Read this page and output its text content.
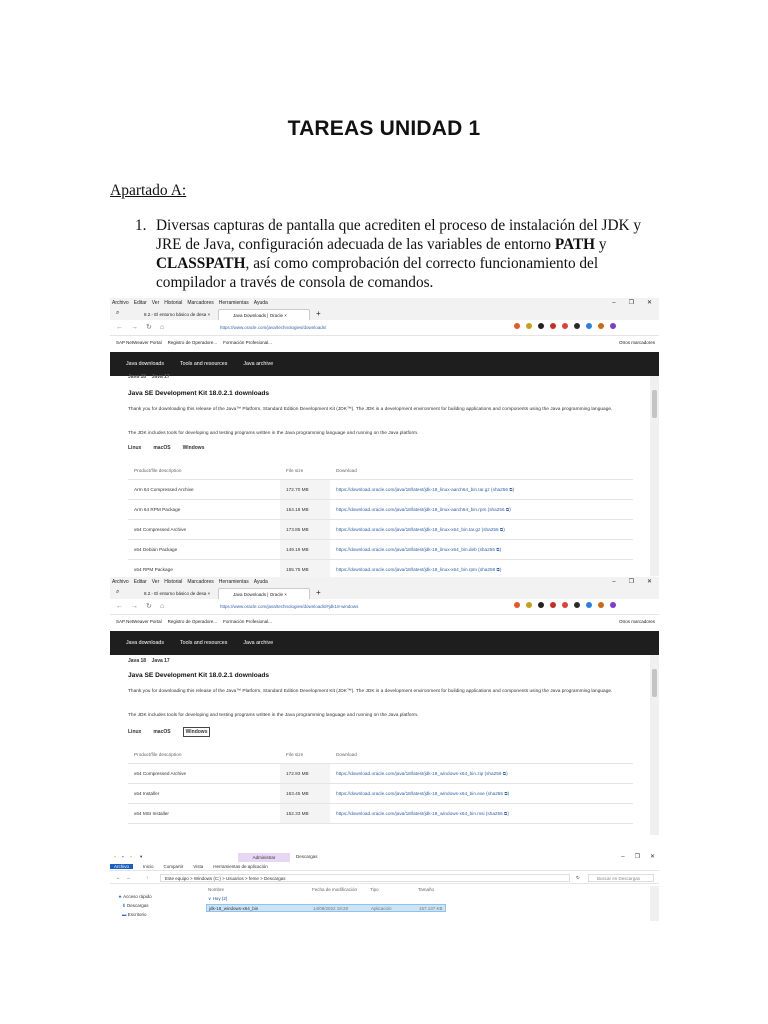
TAREAS UNIDAD 1
Apartado A:
1. Diversas capturas de pantalla que acrediten el proceso de instalación del JDK y JRE de Java, configuración adecuada de las variables de entorno PATH y CLASSPATH, así como comprobación del correcto funcionamiento del compilador a través de consola de comandos.
Archivo Editar Ver Historial Marcadores Herramientas Ayuda	– ❐ ✕
⌕	8.2.- El entorno básico de desa ×	Java Downloads | Oracle ×	+
← → ↻ ⌂	https://www.oracle.com/java/technologies/downloads/
SAP NetWeaver Portal Registro de Operadore... Formación Profesional...	Otros marcadores
Java downloads	Tools and resources	Java archive
Java 18 Java 17
Java SE Development Kit 18.0.2.1 downloads
Thank you for downloading this release of the Java™ Platform, Standard Edition Development Kit (JDK™). The JDK is a development environment for building applications and components using the Java programming language.
The JDK includes tools for developing and testing programs written in the Java programming language and running on the Java platform.
Linux macOS Windows
Product/file description	File size	Download
Arm 64 Compressed Archive	172.70 MB	https://download.oracle.com/java/18/latest/jdk-18_linux-aarch64_bin.tar.gz (sha256 ⧉)
Arm 64 RPM Package	154.18 MB	https://download.oracle.com/java/18/latest/jdk-18_linux-aarch64_bin.rpm (sha256 ⧉)
x64 Compressed Archive	173.85 MB	https://download.oracle.com/java/18/latest/jdk-18_linux-x64_bin.tar.gz (sha256 ⧉)
x64 Debian Package	149.19 MB	https://download.oracle.com/java/18/latest/jdk-18_linux-x64_bin.deb (sha256 ⧉)
x64 RPM Package	155.75 MB	https://download.oracle.com/java/18/latest/jdk-18_linux-x64_bin.rpm (sha256 ⧉)
Archivo Editar Ver Historial Marcadores Herramientas Ayuda	– ❐ ✕
⌕	8.2.- El entorno básico de desa ×	Java Downloads | Oracle ×	+
← → ↻ ⌂	https://www.oracle.com/java/technologies/downloads/#jdk18-windows
SAP NetWeaver Portal Registro de Operadore... Formación Profesional...	Otros marcadores
Java downloads	Tools and resources	Java archive
Java 18 Java 17
Java SE Development Kit 18.0.2.1 downloads
Thank you for downloading this release of the Java™ Platform, Standard Edition Development Kit (JDK™). The JDK is a development environment for building applications and components using the Java programming language.
The JDK includes tools for developing and testing programs written in the Java programming language and running on the Java platform.
Linux macOS	Windows
Product/file description	File size	Download
x64 Compressed Archive	172.93 MB	https://download.oracle.com/java/18/latest/jdk-18_windows-x64_bin.zip (sha256 ⧉)
x64 Installer	153.45 MB	https://download.oracle.com/java/18/latest/jdk-18_windows-x64_bin.exe (sha256 ⧉)
x64 MSI Installer	152.33 MB	https://download.oracle.com/java/18/latest/jdk-18_windows-x64_bin.msi (sha256 ⧉)
▪ ▪ ▪ ▾	Administrar	Descargas	– ❐ ✕
Archivo	Inicio Compartir Vista Herramientas de aplicación
← →	↑	Este equipo > Windows (C:) > Usuarios > feme > Descargas	↻	Buscar en Descargas
★ Acceso rápido
⬇ Descargas
▬ Escritorio
Nombre	Fecha de modificación	Tipo	Tamaño
∨ Hoy (2)
jdk-18_windows-x64_bin	14/09/2022 19:28	Aplicación	157.137 KB
